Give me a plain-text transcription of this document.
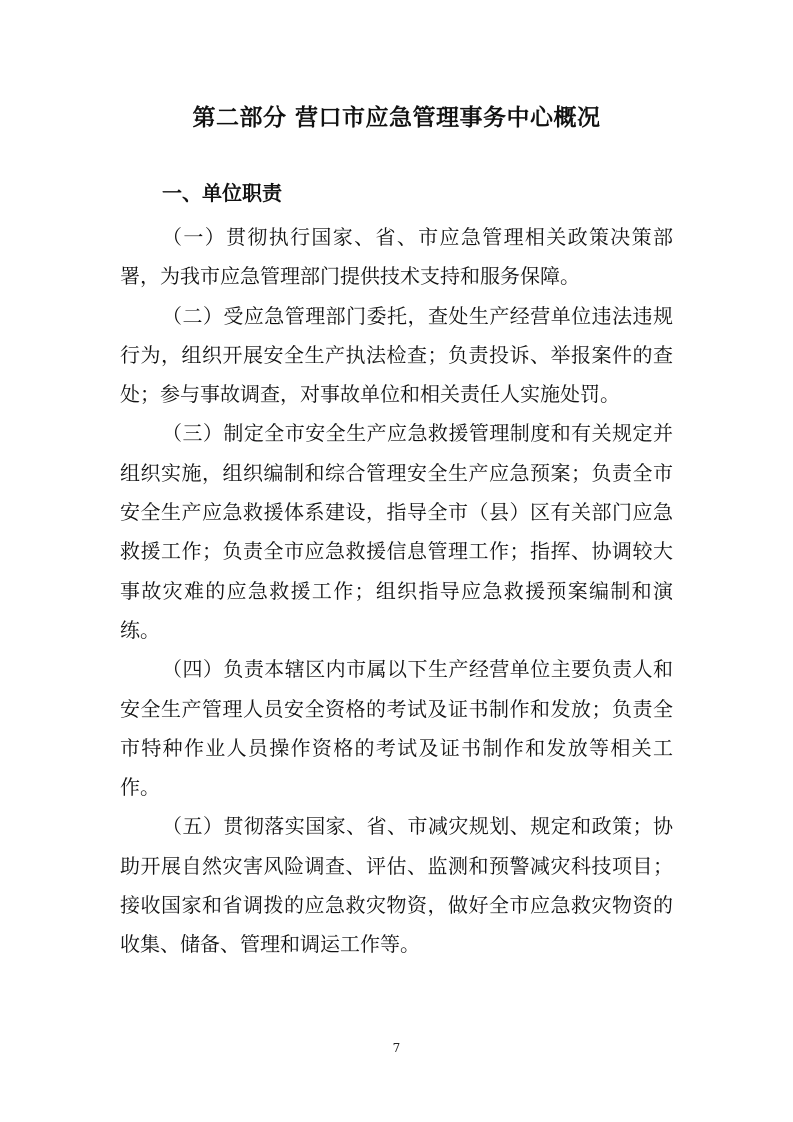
第二部分 营口市应急管理事务中心概况
一、单位职责

（一）贯彻执行国家、省、市应急管理相关政策决策部署，为我市应急管理部门提供技术支持和服务保障。

（二）受应急管理部门委托，查处生产经营单位违法违规行为，组织开展安全生产执法检查；负责投诉、举报案件的查处；参与事故调查，对事故单位和相关责任人实施处罚。

（三）制定全市安全生产应急救援管理制度和有关规定并组织实施，组织编制和综合管理安全生产应急预案；负责全市安全生产应急救援体系建设，指导全市（县）区有关部门应急救援工作；负责全市应急救援信息管理工作；指挥、协调较大事故灾难的应急救援工作；组织指导应急救援预案编制和演练。

（四）负责本辖区内市属以下生产经营单位主要负责人和安全生产管理人员安全资格的考试及证书制作和发放；负责全市特种作业人员操作资格的考试及证书制作和发放等相关工作。

（五）贯彻落实国家、省、市减灾规划、规定和政策；协助开展自然灾害风险调查、评估、监测和预警减灾科技项目；接收国家和省调拨的应急救灾物资，做好全市应急救灾物资的收集、储备、管理和调运工作等。

7
